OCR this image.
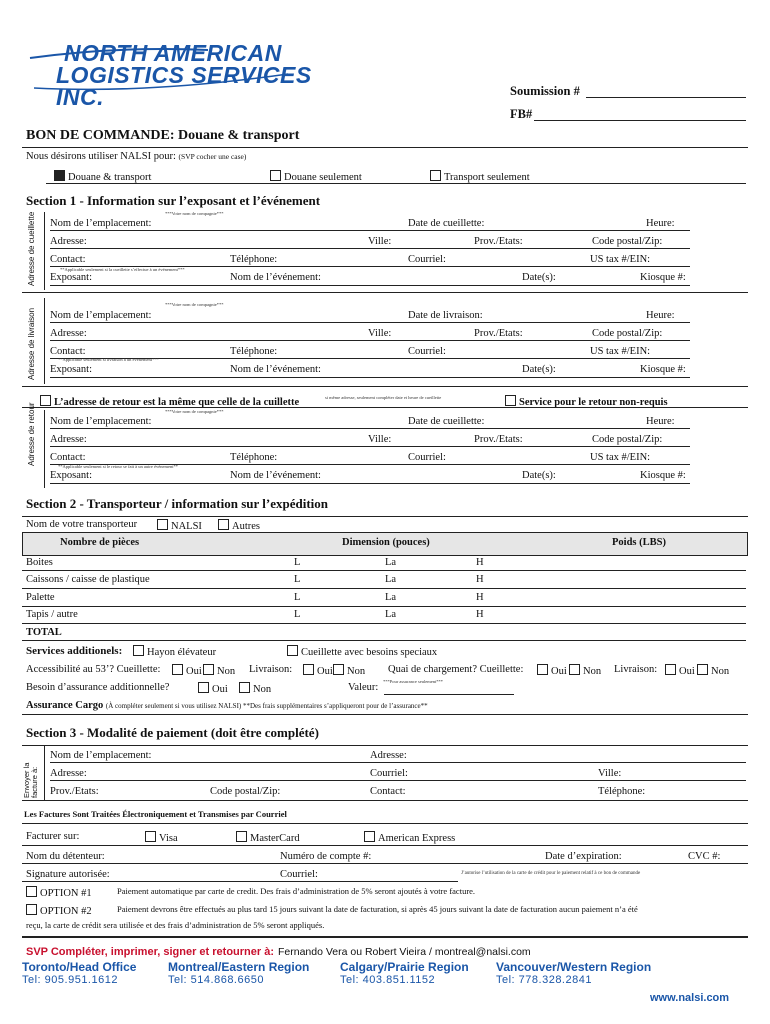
NORTH AMERICAN
LOGISTICS SERVICES INC.	Soumission #
FB#
BON DE COMMANDE: Douane & transport
Nous désirons utiliser NALSI pour: (SVP cocher une case)
Douane & transport	Douane seulement	Transport seulement
Section 1 - Information sur l’exposant et l’événement
Adresse de cueillette	***Votre nom de compagnie***
Nom de l’emplacement:	Date de cueillette:	Heure:
Adresse:	Ville:	Prov./Etats:	Code postal/Zip:
Contact:	Téléphone:	Courriel:	US tax #/EIN:
**Applicable seulement si la cueillette s’effectue à un événement***
Exposant:	Nom de l’événement:	Date(s):	Kiosque #:
Adresse de livraison
***Votre nom de compagnie***
Nom de l’emplacement:	Date de livraison:	Heure:
Adresse:	Ville:	Prov./Etats:	Code postal/Zip:
Contact:	Téléphone:	Courriel:	US tax #/EIN:
**Applicable seulement si livraison à un événement***
Exposant:	Nom de l’événement:	Date(s):	Kiosque #:
L’adresse de retour est la même que celle de la cuillette	si même adresse, seulement compléter date et heure de cueillette	Service pour le retour non-requis
Adresse de retour	***Votre nom de compagnie***
Nom de l’emplacement:	Date de cueillette:	Heure:
Adresse:	Ville:	Prov./Etats:	Code postal/Zip:
Contact:	Téléphone:	Courriel:	US tax #/EIN:
**Applicable seulement si le retour se fait à un autre événement**
Exposant:	Nom de l’événement:	Date(s):	Kiosque #:
Section 2 - Transporteur / information sur l’expédition
Nom de votre transporteur	NALSI	Autres
Nombre de pièces	Dimension (pouces)	Poids (LBS)
Boites	L	La	H
Caissons / caisse de plastique	L	La	H
Palette	L	La	H
Tapis / autre	L	La	H
TOTAL
Services additionels:	Hayon élévateur	Cueillette avec besoins speciaux
Accessibilité au 53’? Cueillette:	Oui	Non Livraison:	Oui	Non Quai de chargement? Cueillette:	Oui	Non Livraison:	Oui	Non
***Pour assurance seulement***
Besoin d’assurance additionnelle?	Oui	Non	Valeur:
Assurance Cargo (À compléter seulement si vous utilisez NALSI) **Des frais supplémentaires s’appliqueront pour de l’assurance**
Section 3 - Modalité de paiement (doit être complété)
Envoyer la facture à:
Nom de l’emplacement:	Adresse:
Adresse:	Courriel:	Ville:
Prov./Etats:	Code postal/Zip:	Contact:	Téléphone:
Les Factures Sont Traitées Électroniquement et Transmises par Courriel
Facturer sur:	Visa	MasterCard	American Express
Nom du détenteur:	Numéro de compte #:	Date d’expiration:	CVC #:
Signature autorisée:	Courriel:	J’autorise l’utilisation de la carte de crédit pour le paiement relatif à ce bon de commande
OPTION #1	Paiement automatique par carte de credit. Des frais d’administration de 5% seront ajoutés à votre facture.
OPTION #2	Paiement devrons être effectués au plus tard 15 jours suivant la date de facturation, si après 45 jours suivant la date de facturation aucun paiement n’a été
reçu, la carte de crédit sera utilisée et des frais d’administration de 5% seront appliqués.
SVP Compléter, imprimer, signer et retourner à: Fernando Vera ou Robert Vieira / montreal@nalsi.com
Toronto/Head Office
Tel: 905.951.1612
Montreal/Eastern Region
Tel: 514.868.6650
Calgary/Prairie Region
Tel: 403.851.1152
Vancouver/Western Region
Tel: 778.328.2841
www.nalsi.com
